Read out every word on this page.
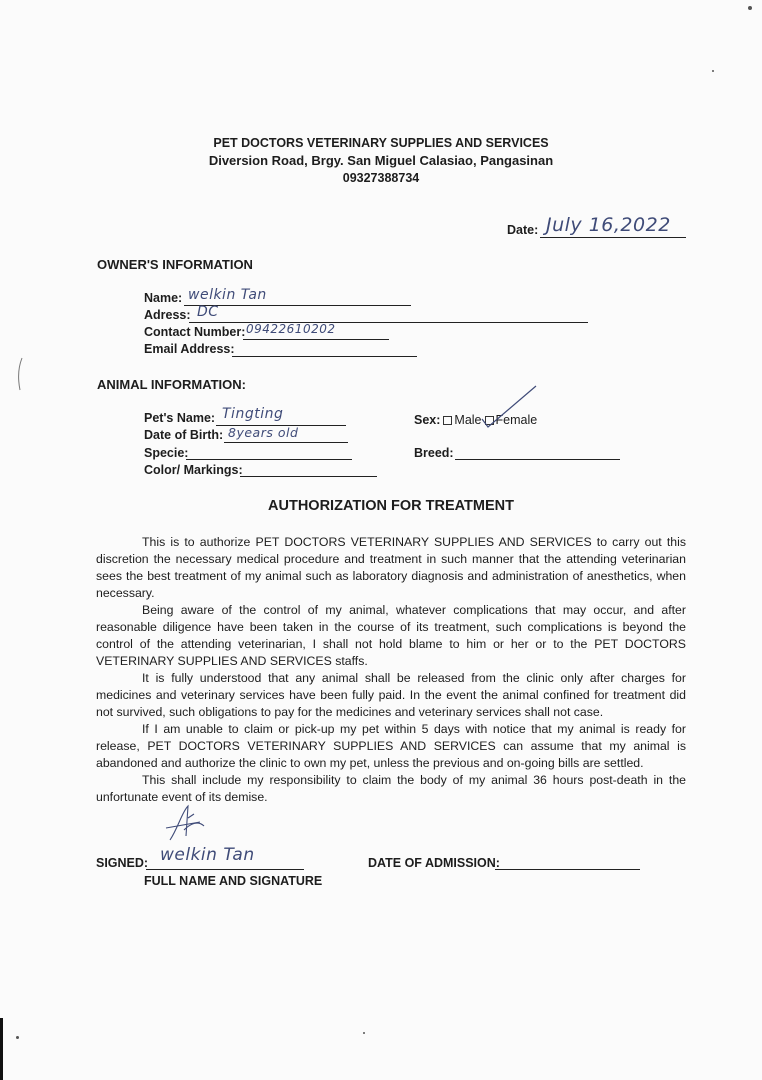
PET DOCTORS VETERINARY SUPPLIES AND SERVICES
Diversion Road, Brgy. San Miguel Calasiao, Pangasinan
09327388734
Date: July 16,2022
OWNER'S INFORMATION
Name: welkin Tan
Adress: DC
Contact Number: 09422610202
Email Address:
ANIMAL INFORMATION:
Pet's Name: Tingting
Date of Birth: 8years old
Specie:
Color/ Markings:
Sex: Male Female
Breed:
AUTHORIZATION FOR TREATMENT

This is to authorize PET DOCTORS VETERINARY SUPPLIES AND SERVICES to carry out this discretion the necessary medical procedure and treatment in such manner that the attending veterinarian sees the best treatment of my animal such as laboratory diagnosis and administration of anesthetics, when necessary.

Being aware of the control of my animal, whatever complications that may occur, and after reasonable diligence have been taken in the course of its treatment, such complications is beyond the control of the attending veterinarian, I shall not hold blame to him or her or to the PET DOCTORS VETERINARY SUPPLIES AND SERVICES staffs.

It is fully understood that any animal shall be released from the clinic only after charges for medicines and veterinary services have been fully paid. In the event the animal confined for treatment did not survived, such obligations to pay for the medicines and veterinary services shall not case.

If I am unable to claim or pick-up my pet within 5 days with notice that my animal is ready for release, PET DOCTORS VETERINARY SUPPLIES AND SERVICES can assume that my animal is abandoned and authorize the clinic to own my pet, unless the previous and on-going bills are settled.

This shall include my responsibility to claim the body of my animal 36 hours post-death in the unfortunate event of its demise.

SIGNED: welkin Tan
FULL NAME AND SIGNATURE
DATE OF ADMISSION:
